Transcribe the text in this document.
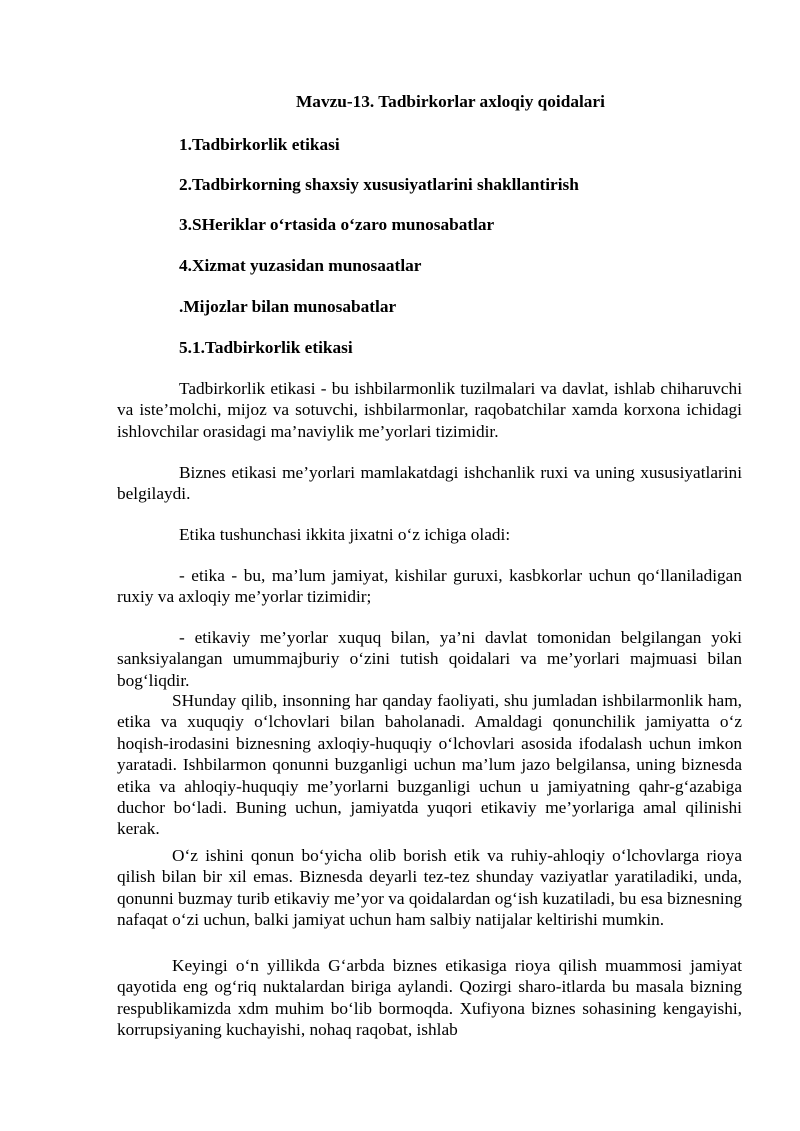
Mavzu-13. Tadbirkorlar axloqiy qoidalari
1.Tadbirkorlik etikasi
2.Tadbirkorning shaxsiy xususiyatlarini shakllantirish
3.SHeriklar o‘rtasida o‘zaro munosabatlar
4.Xizmat yuzasidan munosaatlar
.Mijozlar bilan munosabatlar
5.1.Tadbirkorlik etikasi

Tadbirkorlik etikasi - bu ishbilarmonlik tuzilmalari va davlat, ishlab chiharuvchi va iste’molchi, mijoz va sotuvchi, ishbilarmonlar, raqobatchilar xamda korxona ichidagi ishlovchilar orasidagi ma’naviylik me’yorlari tizimidir.

Biznes etikasi me’yorlari mamlakatdagi ishchanlik ruxi va uning xususiyatlarini belgilaydi.

Etika tushunchasi ikkita jixatni o‘z ichiga oladi:

- etika - bu, ma’lum jamiyat, kishilar guruxi, kasbkorlar uchun qo‘llaniladigan ruxiy va axloqiy me’yorlar tizimidir;

- etikaviy me’yorlar xuquq bilan, ya’ni davlat tomonidan belgilangan yoki sanksiyalangan umummajburiy o‘zini tutish qoidalari va me’yorlari majmuasi bilan bog‘liqdir.

SHunday qilib, insonning har qanday faoliyati, shu jumladan ishbilarmonlik ham, etika va xuquqiy o‘lchovlari bilan baholanadi. Amaldagi qonunchilik jamiyatta o‘z hoqish-irodasini biznesning axloqiy-huquqiy o‘lchovlari asosida ifodalash uchun imkon yaratadi. Ishbilarmon qonunni buzganligi uchun ma’lum jazo belgilansa, uning biznesda etika va ahloqiy-huquqiy me’yorlarni buzganligi uchun u jamiyatning qahr-g‘azabiga duchor bo‘ladi. Buning uchun, jamiyatda yuqori etikaviy me’yorlariga amal qilinishi kerak.

O‘z ishini qonun bo‘yicha olib borish etik va ruhiy-ahloqiy o‘lchovlarga rioya qilish bilan bir xil emas. Biznesda deyarli tez-tez shunday vaziyatlar yaratiladiki, unda, qonunni buzmay turib etikaviy me’yor va qoidalardan og‘ish kuzatiladi, bu esa biznesning nafaqat o‘zi uchun, balki jamiyat uchun ham salbiy natijalar keltirishi mumkin.

Keyingi o‘n yillikda G‘arbda biznes etikasiga rioya qilish muammosi jamiyat qayotida eng og‘riq nuktalardan biriga aylandi. Qozirgi sharo-itlarda bu masala bizning respublikamizda xdm muhim bo‘lib bormoqda. Xufiyona biznes sohasining kengayishi, korrupsiyaning kuchayishi, nohaq raqobat, ishlab
